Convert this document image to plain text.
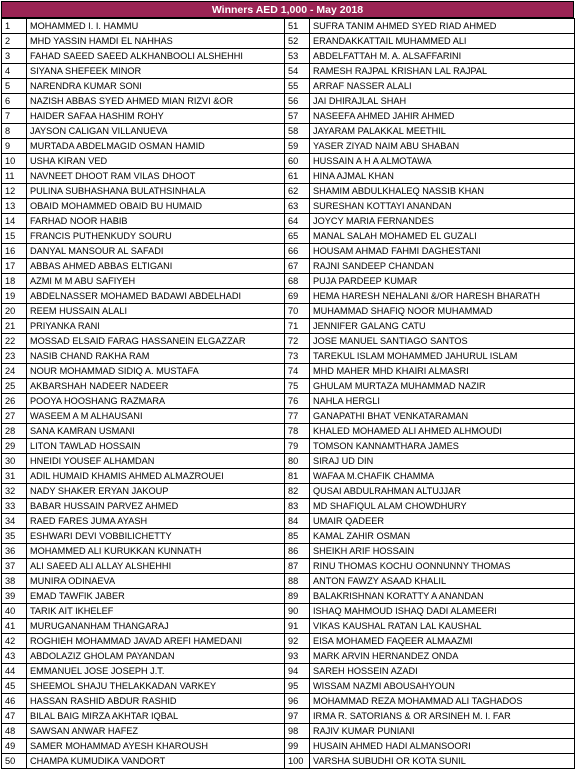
Winners AED 1,000 - May 2018
1	MOHAMMED I. I. HAMMU	51	SUFRA TANIM AHMED SYED RIAD AHMED
2	MHD YASSIN HAMDI EL NAHHAS	52	ERANDAKKATTAIL MUHAMMED ALI
3	FAHAD SAEED SAEED ALKHANBOOLI ALSHEHHI	53	ABDELFATTAH M. A. ALSAFFARINI
4	SIYANA SHEFEEK MINOR	54	RAMESH RAJPAL KRISHAN LAL RAJPAL
5	NARENDRA KUMAR SONI	55	ARRAF NASSER ALALI
6	NAZISH ABBAS SYED AHMED MIAN RIZVI &OR	56	JAI DHIRAJLAL SHAH
7	HAIDER SAFAA HASHIM ROHY	57	NASEEFA AHMED JAHIR AHMED
8	JAYSON CALIGAN VILLANUEVA	58	JAYARAM PALAKKAL MEETHIL
9	MURTADA ABDELMAGID OSMAN HAMID	59	YASER ZIYAD NAIM ABU SHABAN
10	USHA KIRAN VED	60	HUSSAIN A H A ALMOTAWA
11	NAVNEET DHOOT RAM VILAS DHOOT	61	HINA AJMAL KHAN
12	PULINA SUBHASHANA BULATHSINHALA	62	SHAMIM ABDULKHALEQ NASSIB KHAN
13	OBAID MOHAMMED OBAID BU HUMAID	63	SURESHAN KOTTAYI ANANDAN
14	FARHAD NOOR HABIB	64	JOYCY MARIA FERNANDES
15	FRANCIS PUTHENKUDY SOURU	65	MANAL SALAH MOHAMED EL GUZALI
16	DANYAL MANSOUR AL SAFADI	66	HOUSAM AHMAD FAHMI DAGHESTANI
17	ABBAS AHMED ABBAS ELTIGANI	67	RAJNI SANDEEP CHANDAN
18	AZMI M M ABU SAFIYEH	68	PUJA PARDEEP KUMAR
19	ABDELNASSER MOHAMED BADAWI ABDELHADI	69	HEMA HARESH NEHALANI &/OR HARESH BHARATH
20	REEM HUSSAIN ALALI	70	MUHAMMAD SHAFIQ NOOR MUHAMMAD
21	PRIYANKA RANI	71	JENNIFER GALANG CATU
22	MOSSAD ELSAID FARAG HASSANEIN ELGAZZAR	72	JOSE MANUEL SANTIAGO SANTOS
23	NASIB CHAND RAKHA RAM	73	TAREKUL ISLAM MOHAMMED JAHURUL ISLAM
24	NOUR MOHAMMAD SIDIQ A. MUSTAFA	74	MHD MAHER MHD KHAIRI ALMASRI
25	AKBARSHAH NADEER NADEER	75	GHULAM MURTAZA MUHAMMAD NAZIR
26	POOYA HOOSHANG RAZMARA	76	NAHLA HERGLI
27	WASEEM A M ALHAUSANI	77	GANAPATHI BHAT VENKATARAMAN
28	SANA KAMRAN USMANI	78	KHALED MOHAMED ALI AHMED ALHMOUDI
29	LITON TAWLAD HOSSAIN	79	TOMSON KANNAMTHARA JAMES
30	HNEIDI YOUSEF ALHAMDAN	80	SIRAJ UD DIN
31	ADIL HUMAID KHAMIS AHMED ALMAZROUEI	81	WAFAA M.CHAFIK CHAMMA
32	NADY SHAKER ERYAN JAKOUP	82	QUSAI ABDULRAHMAN ALTUJJAR
33	BABAR HUSSAIN PARVEZ AHMED	83	MD SHAFIQUL ALAM CHOWDHURY
34	RAED FARES JUMA AYASH	84	UMAIR QADEER
35	ESHWARI DEVI VOBBILICHETTY	85	KAMAL ZAHIR OSMAN
36	MOHAMMED ALI KURUKKAN KUNNATH	86	SHEIKH ARIF HOSSAIN
37	ALI SAEED ALI ALLAY ALSHEHHI	87	RINU THOMAS KOCHU OONNUNNY THOMAS
38	MUNIRA ODINAEVA	88	ANTON FAWZY ASAAD KHALIL
39	EMAD TAWFIK JABER	89	BALAKRISHNAN KORATTY A ANANDAN
40	TARIK AIT IKHELEF	90	ISHAQ MAHMOUD ISHAQ DADI ALAMEERI
41	MURUGANANHAM THANGARAJ	91	VIKAS KAUSHAL RATAN LAL KAUSHAL
42	ROGHIEH MOHAMMAD JAVAD AREFI HAMEDANI	92	EISA MOHAMED FAQEER ALMAAZMI
43	ABDOLAZIZ GHOLAM PAYANDAN	93	MARK ARVIN HERNANDEZ ONDA
44	EMMANUEL JOSE JOSEPH J.T.	94	SAREH HOSSEIN AZADI
45	SHEEMOL SHAJU THELAKKADAN VARKEY	95	WISSAM NAZMI ABOUSAHYOUN
46	HASSAN RASHID ABDUR RASHID	96	MOHAMMAD REZA MOHAMMAD ALI TAGHADOS
47	BILAL BAIG MIRZA AKHTAR IQBAL	97	IRMA R. SATORIANS & OR ARSINEH M. I. FAR
48	SAWSAN ANWAR HAFEZ	98	RAJIV KUMAR PUNIANI
49	SAMER MOHAMMAD AYESH KHAROUSH	99	HUSAIN AHMED HADI ALMANSOORI
50	CHAMPA KUMUDIKA VANDORT	100	VARSHA SUBUDHI OR KOTA SUNIL
